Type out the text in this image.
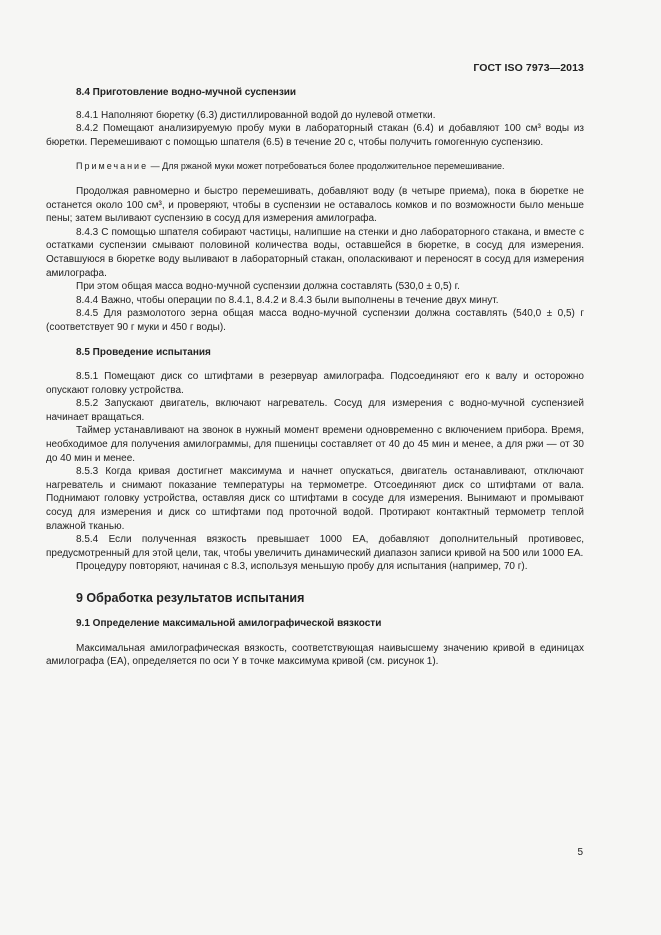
ГОСТ ISO 7973—2013
8.4 Приготовление водно-мучной суспензии

8.4.1 Наполняют бюретку (6.3) дистиллированной водой до нулевой отметки.

8.4.2 Помещают анализируемую пробу муки в лабораторный стакан (6.4) и добавляют 100 см³ воды из бюретки. Перемешивают с помощью шпателя (6.5) в течение 20 с, чтобы получить гомогенную суспензию.

Примечание — Для ржаной муки может потребоваться более продолжительное перемешивание.

Продолжая равномерно и быстро перемешивать, добавляют воду (в четыре приема), пока в бюретке не останется около 100 см³, и проверяют, чтобы в суспензии не оставалось комков и по возможности было меньше пены; затем выливают суспензию в сосуд для измерения амилографа.

8.4.3 С помощью шпателя собирают частицы, налипшие на стенки и дно лабораторного стакана, и вместе с остатками суспензии смывают половиной количества воды, оставшейся в бюретке, в сосуд для измерения. Оставшуюся в бюретке воду выливают в лабораторный стакан, ополаскивают и переносят в сосуд для измерения амилографа.

При этом общая масса водно-мучной суспензии должна составлять (530,0 ± 0,5) г.

8.4.4 Важно, чтобы операции по 8.4.1, 8.4.2 и 8.4.3 были выполнены в течение двух минут.

8.4.5 Для размолотого зерна общая масса водно-мучной суспензии должна составлять (540,0 ± 0,5) г (соответствует 90 г муки и 450 г воды).

8.5 Проведение испытания

8.5.1 Помещают диск со штифтами в резервуар амилографа. Подсоединяют его к валу и осторожно опускают головку устройства.

8.5.2 Запускают двигатель, включают нагреватель. Сосуд для измерения с водно-мучной суспензией начинает вращаться.

Таймер устанавливают на звонок в нужный момент времени одновременно с включением прибора. Время, необходимое для получения амилограммы, для пшеницы составляет от 40 до 45 мин и менее, а для ржи — от 30 до 40 мин и менее.

8.5.3 Когда кривая достигнет максимума и начнет опускаться, двигатель останавливают, отключают нагреватель и снимают показание температуры на термометре. Отсоединяют диск со штифтами от вала. Поднимают головку устройства, оставляя диск со штифтами в сосуде для измерения. Вынимают и промывают сосуд для измерения и диск со штифтами под проточной водой. Протирают контактный термометр теплой влажной тканью.

8.5.4 Если полученная вязкость превышает 1000 ЕА, добавляют дополнительный противовес, предусмотренный для этой цели, так, чтобы увеличить динамический диапазон записи кривой на 500 или 1000 ЕА.

Процедуру повторяют, начиная с 8.3, используя меньшую пробу для испытания (например, 70 г).

9 Обработка результатов испытания
9.1 Определение максимальной амилографической вязкости

Максимальная амилографическая вязкость, соответствующая наивысшему значению кривой в единицах амилографа (ЕА), определяется по оси Y в точке максимума кривой (см. рисунок 1).

5
